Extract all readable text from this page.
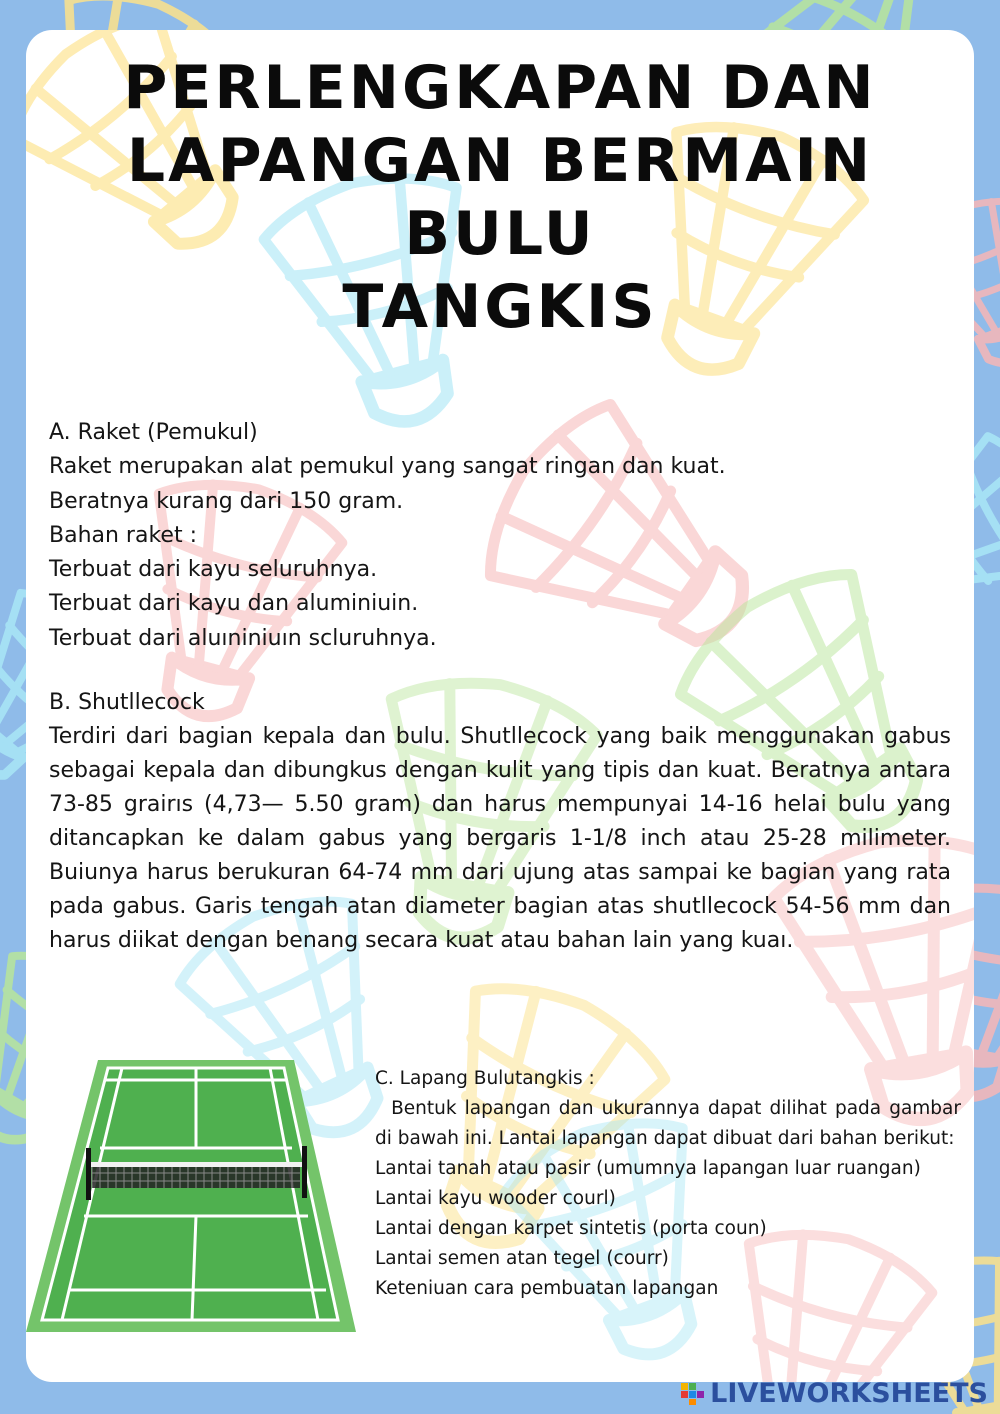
PERLENGKAPAN DAN
LAPANGAN BERMAIN BULU
TANGKIS
A. Raket (Pemukul)
Raket merupakan alat pemukul yang sangat ringan dan kuat.
Beratnya kurang dari 150 gram.
Bahan raket :
Terbuat dari kayu seluruhnya.
Terbuat dari kayu dan aluminiuin.
Terbuat dari aluıniniuın scluruhnya.
B. Shutllecock

Terdiri dari bagian kepala dan bulu. Shutllecock yang baik menggunakan gabus sebagai kepala dan dibungkus dengan kulit yang tipis dan kuat. Beratnya antara 73-85 grairıs (4,73— 5.50 gram) dan harus mempunyai 14-16 helai bulu yang ditancapkan ke dalam gabus yang bergaris 1-1/8 inch atau 25-28 milimeter. Buiunya harus berukuran 64-74 mm dari ujung atas sampai ke bagian yang rata pada gabus. Garis tengah atan diameter bagian atas shutllecock 54-56 mm dan harus diikat dengan benang secara kuat atau bahan lain yang kuaı.

C. Lapang Bulutangkis :

Bentuk lapangan dan ukurannya dapat dilihat pada gambar di bawah ini. Lantai lapangan dapat dibuat dari bahan berikut:

Lantai tanah atau pasir (umumnya lapangan luar ruangan)
Lantai kayu wooder courl)
Lantai dengan karpet sintetis (porta coun)
Lantai semen atan tegel (courr)
Keteniuan cara pembuatan lapangan
LIVEWORKSHEETS
